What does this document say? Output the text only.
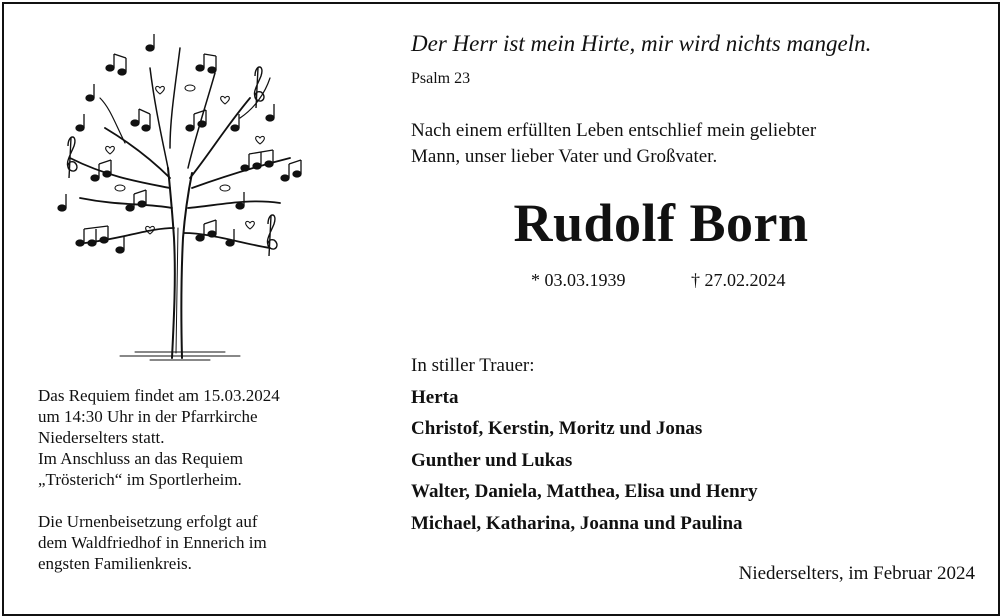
Das Requiem findet am 15.03.2024
um 14:30 Uhr in der Pfarrkirche
Niederselters statt.
Im Anschluss an das Requiem
„Trösterich“ im Sportlerheim.
Die Urnenbeisetzung erfolgt auf
dem Waldfriedhof in Ennerich im
engsten Familienkreis.
Der Herr ist mein Hirte, mir wird nichts mangeln.
Psalm 23
Nach einem erfüllten Leben entschlief mein geliebter
Mann, unser lieber Vater und Großvater.
Rudolf Born
* 03.03.1939	† 27.02.2024
In stiller Trauer:
Herta
Christof, Kerstin, Moritz und Jonas
Gunther und Lukas
Walter, Daniela, Matthea, Elisa und Henry
Michael, Katharina, Joanna und Paulina
Niederselters, im Februar 2024
